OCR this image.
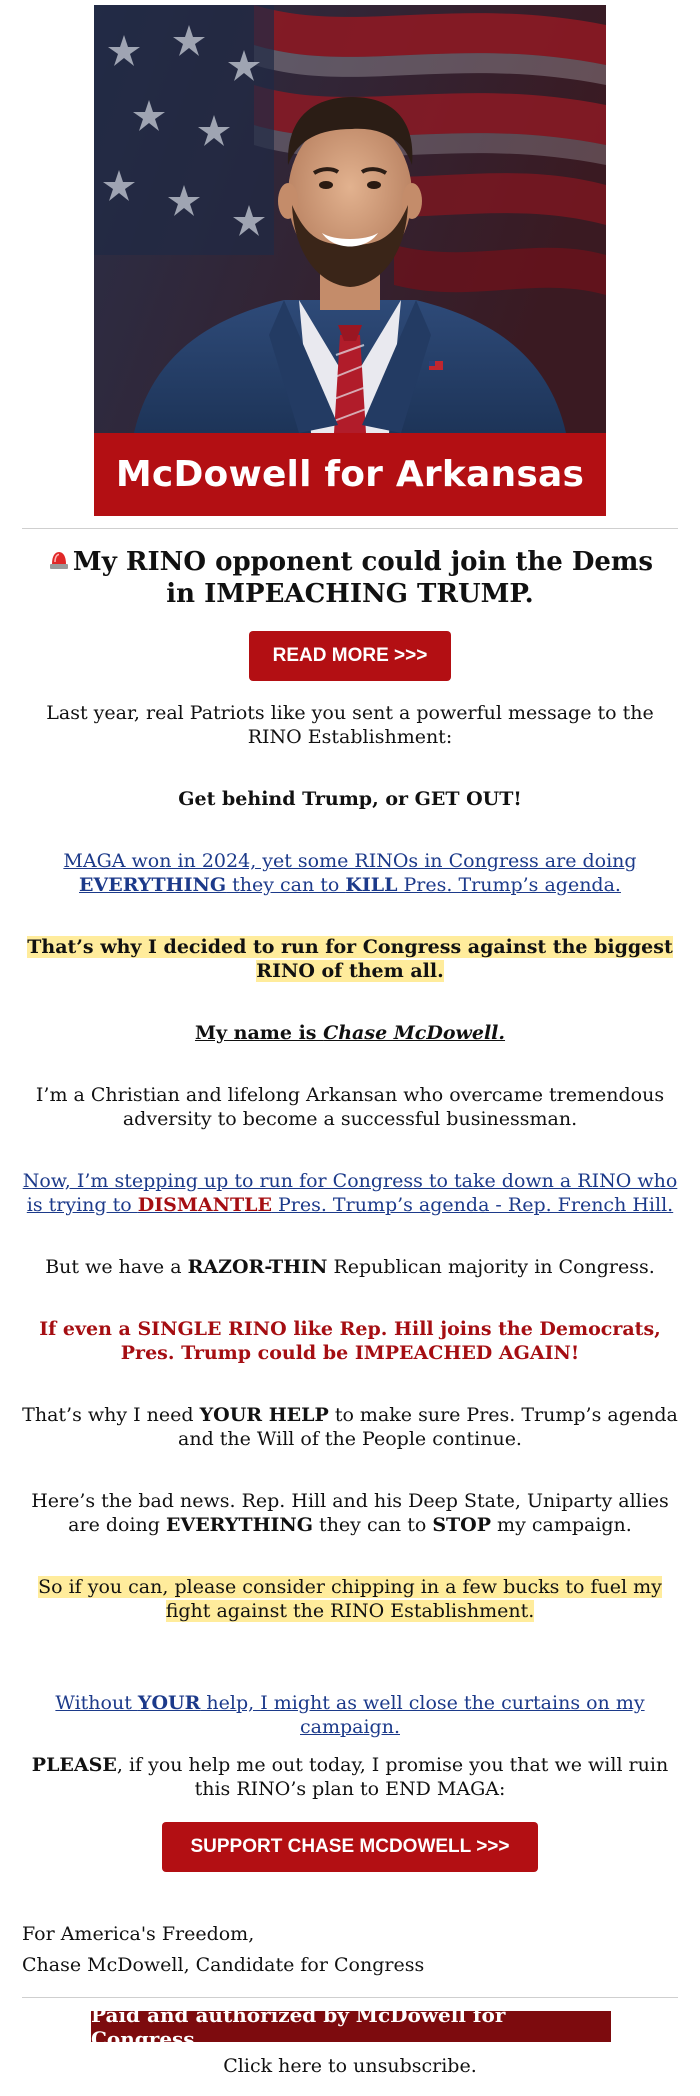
McDowell for Arkansas
My RINO opponent could join the Dems in IMPEACHING TRUMP.
READ MORE >>>
Last year, real Patriots like you sent a powerful message to the RINO Establishment:
Get behind Trump, or GET OUT!
MAGA won in 2024, yet some RINOs in Congress are doing EVERYTHING they can to KILL Pres. Trump’s agenda.
That’s why I decided to run for Congress against the biggest RINO of them all.
My name is Chase McDowell.
I’m a Christian and lifelong Arkansan who overcame tremendous adversity to become a successful businessman.
Now, I’m stepping up to run for Congress to take down a RINO who is trying to DISMANTLE Pres. Trump’s agenda - Rep. French Hill.
But we have a RAZOR-THIN Republican majority in Congress.
If even a SINGLE RINO like Rep. Hill joins the Democrats, Pres. Trump could be IMPEACHED AGAIN!
That’s why I need YOUR HELP to make sure Pres. Trump’s agenda and the Will of the People continue.
Here’s the bad news. Rep. Hill and his Deep State, Uniparty allies are doing EVERYTHING they can to STOP my campaign.
So if you can, please consider chipping in a few bucks to fuel my fight against the RINO Establishment.
Without YOUR help, I might as well close the curtains on my campaign.
PLEASE, if you help me out today, I promise you that we will ruin this RINO’s plan to END MAGA:
SUPPORT CHASE MCDOWELL >>>
For America's Freedom,
Chase McDowell, Candidate for Congress
Paid and authorized by McDowell for Congress
Click here to unsubscribe.
